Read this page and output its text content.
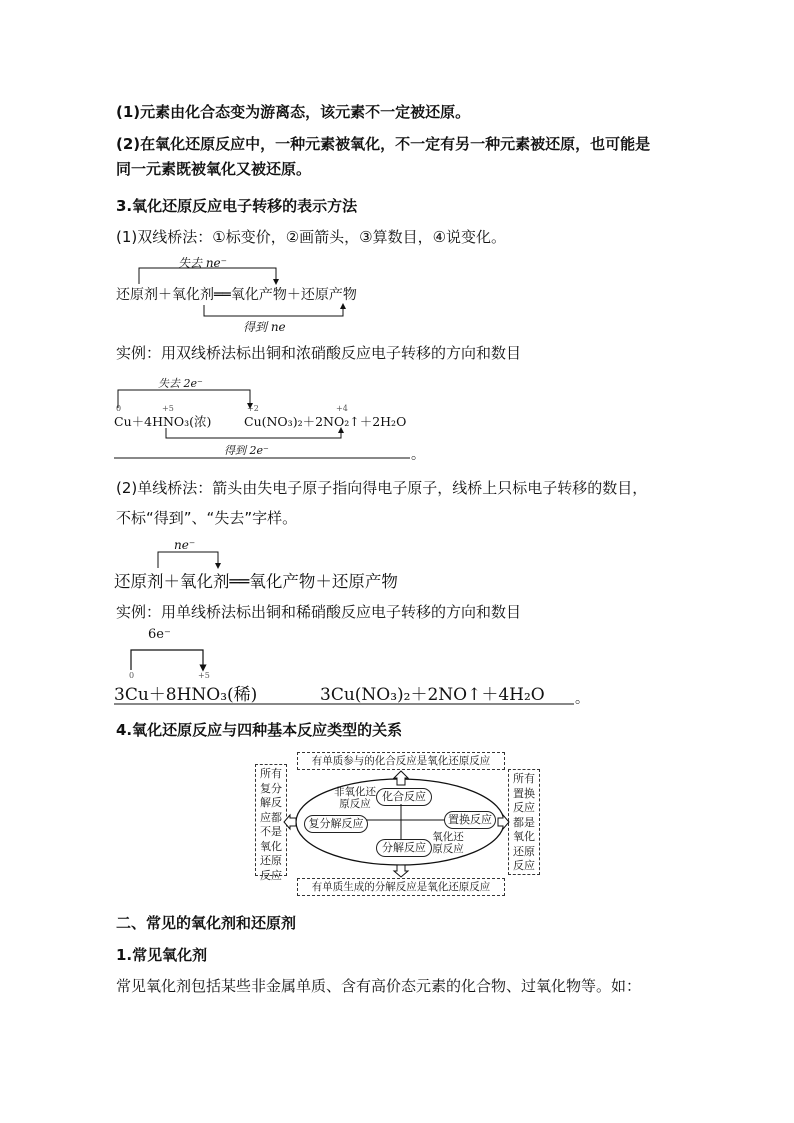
(1)元素由化合态变为游离态，该元素不一定被还原。
(2)在氧化还原反应中，一种元素被氧化，不一定有另一种元素被还原，也可能是
同一元素既被氧化又被还原。
3.氧化还原反应电子转移的表示方法
(1)双线桥法：①标变价，②画箭头，③算数目，④说变化。
失去 ne⁻
还原剂＋氧化剂══氧化产物＋还原产物
得到 ne
实例：用双线桥法标出铜和浓硝酸反应电子转移的方向和数目
失去 2e⁻
0	+5	+2	+4
Cu＋4HNO₃(浓)	Cu(NO₃)₂＋2NO₂↑＋2H₂O
得到 2e⁻	。
(2)单线桥法：箭头由失电子原子指向得电子原子，线桥上只标电子转移的数目，
不标“得到”、“失去”字样。
ne⁻
还原剂＋氧化剂══氧化产物＋还原产物
实例：用单线桥法标出铜和稀硝酸反应电子转移的方向和数目
6e⁻
0	+5
3Cu＋8HNO₃(稀)	3Cu(NO₃)₂＋2NO↑＋4H₂O 。
4.氧化还原反应与四种基本反应类型的关系
有单质参与的化合反应是氧化还原反应
有单质生成的分解反应是氧化还原反应
所有复分解反应都不是氧化还原反应
所有置换反应都是氧化还原反应
化合反应
复分解反应	置换反应
分解反应
非氧化还原反应
氧化还原反应
二、常见的氧化剂和还原剂
1.常见氧化剂
常见氧化剂包括某些非金属单质、含有高价态元素的化合物、过氧化物等。如：
